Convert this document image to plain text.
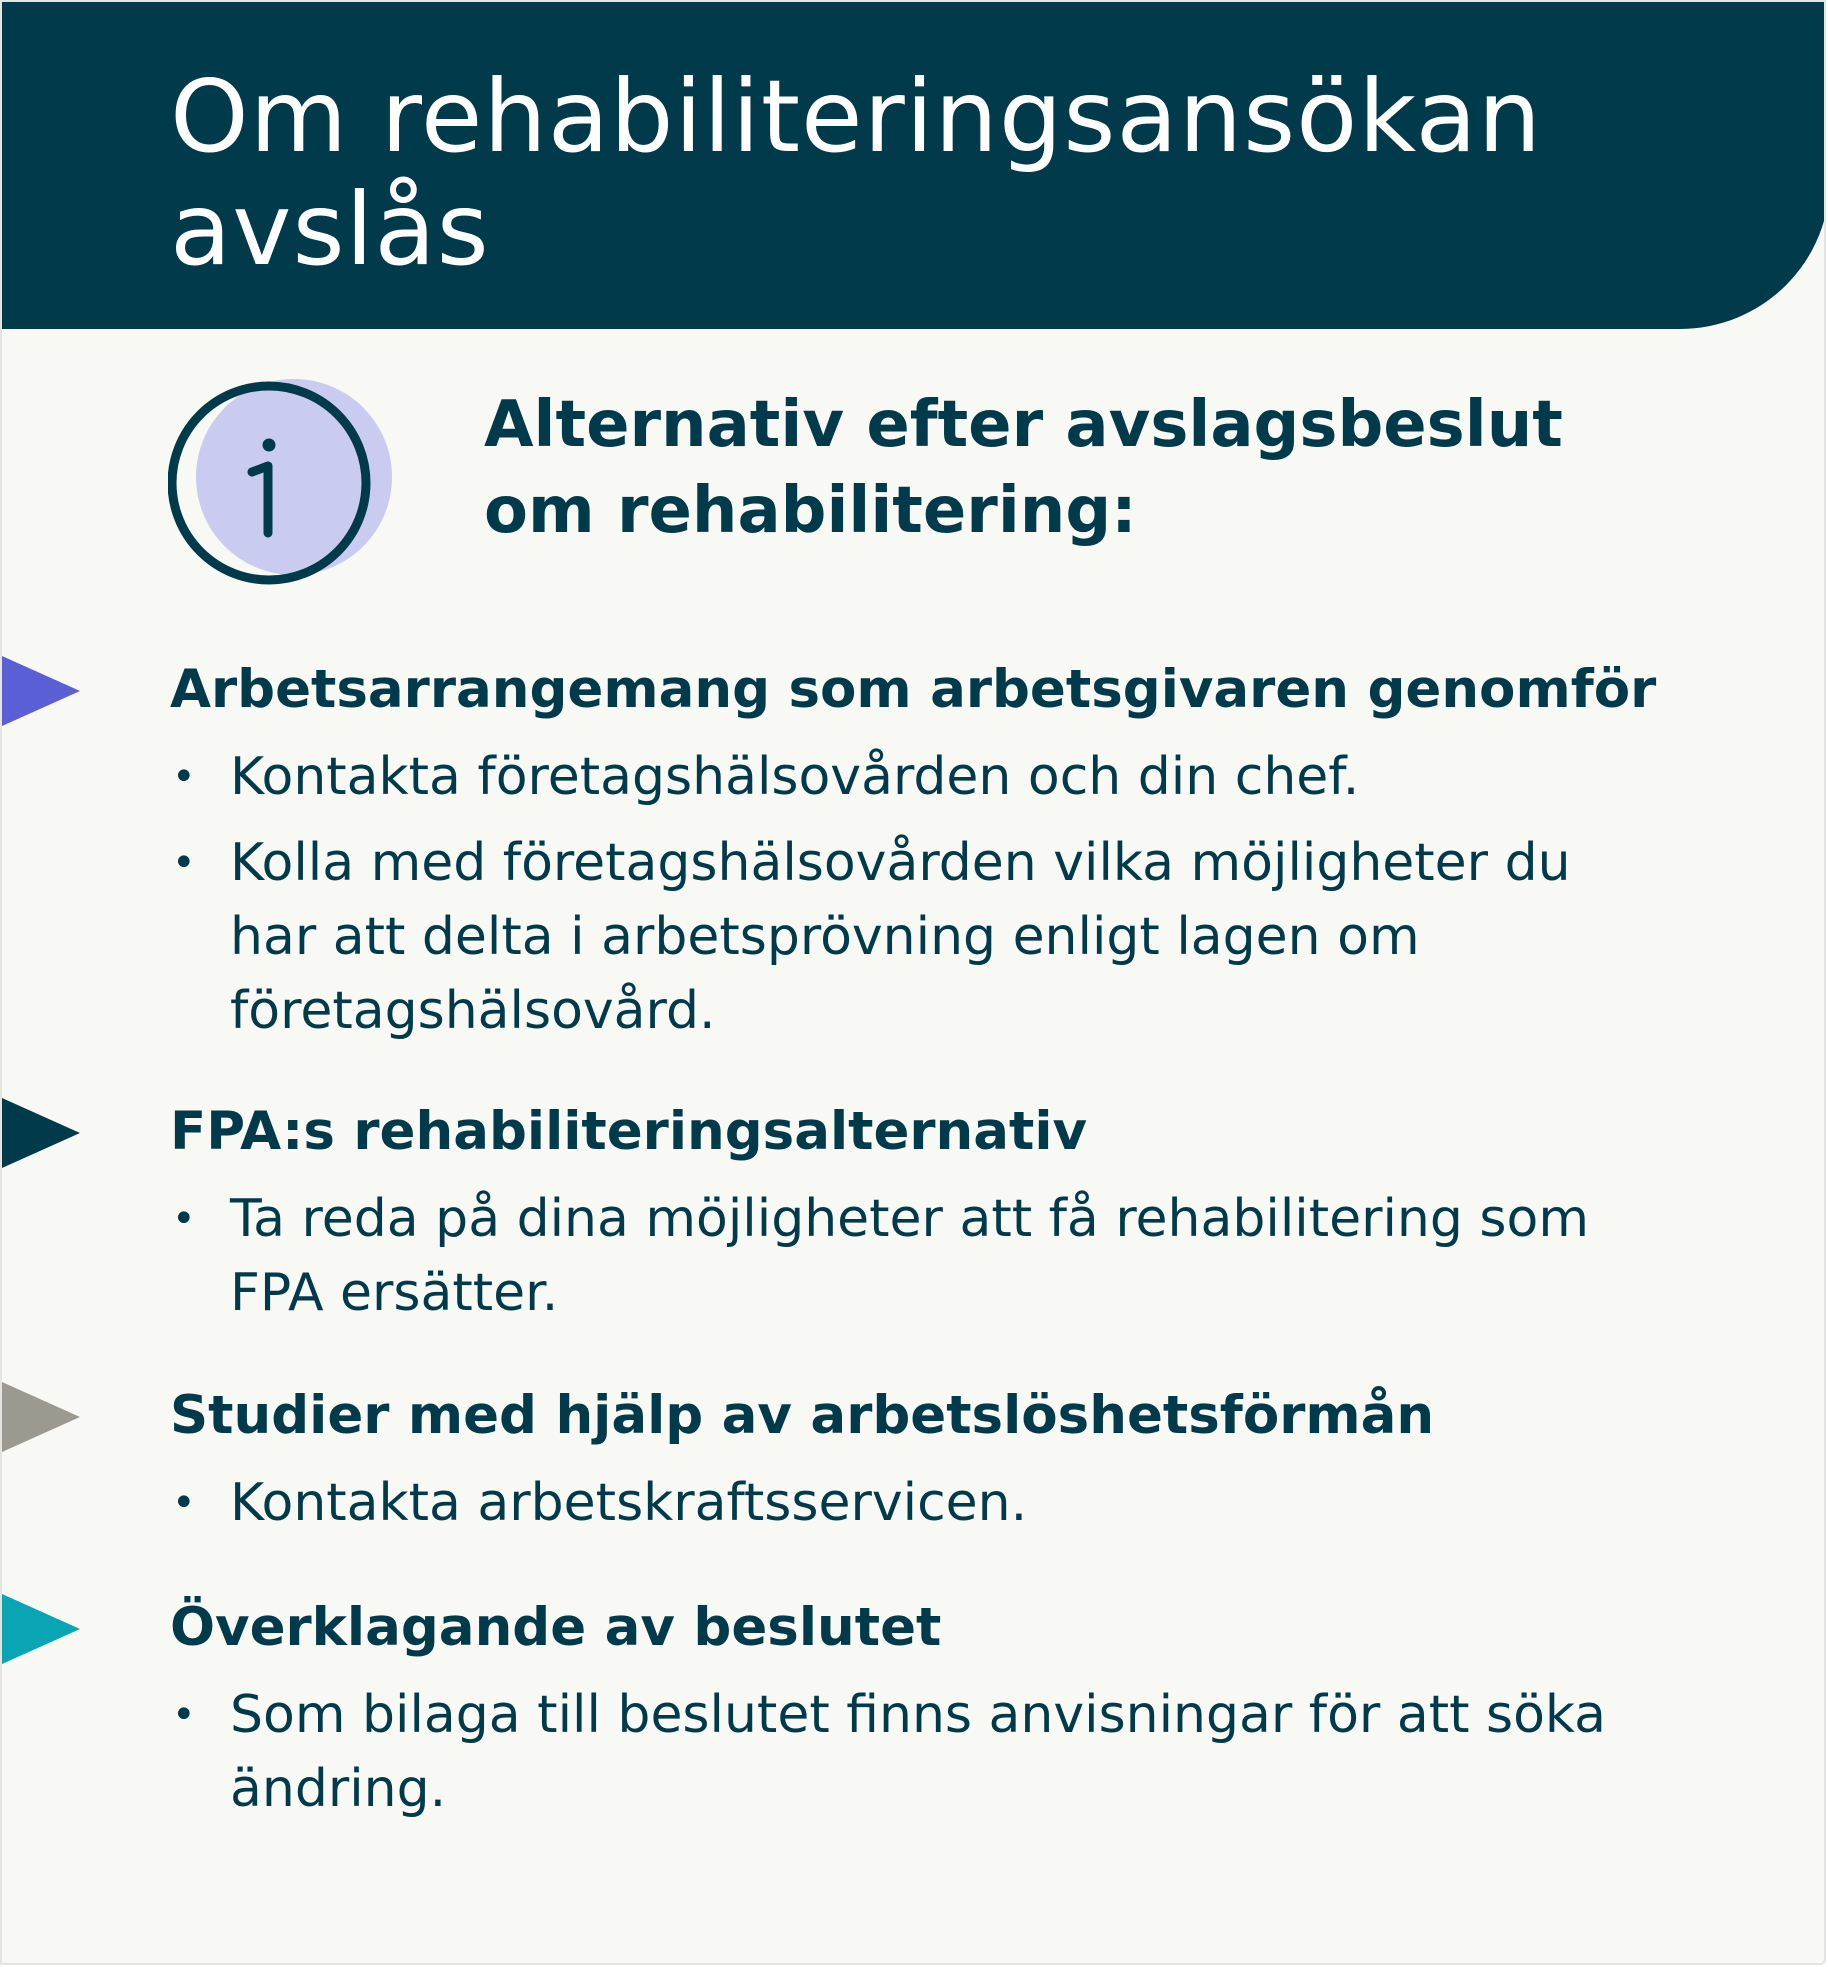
Om rehabiliteringsansökan
avslås
Alternativ efter avslagsbeslut
om rehabilitering:
Arbetsarrangemang som arbetsgivaren genomför
• Kontakta företagshälsovården och din chef.
• Kolla med företagshälsovården vilka möjligheter du har att delta i arbetsprövning enligt lagen om företagshälsovård.
FPA:s rehabiliteringsalternativ
• Ta reda på dina möjligheter att få rehabilitering som FPA ersätter.
Studier med hjälp av arbetslöshetsförmån
• Kontakta arbetskraftsservicen.
Överklagande av beslutet
• Som bilaga till beslutet finns anvisningar för att söka ändring.
